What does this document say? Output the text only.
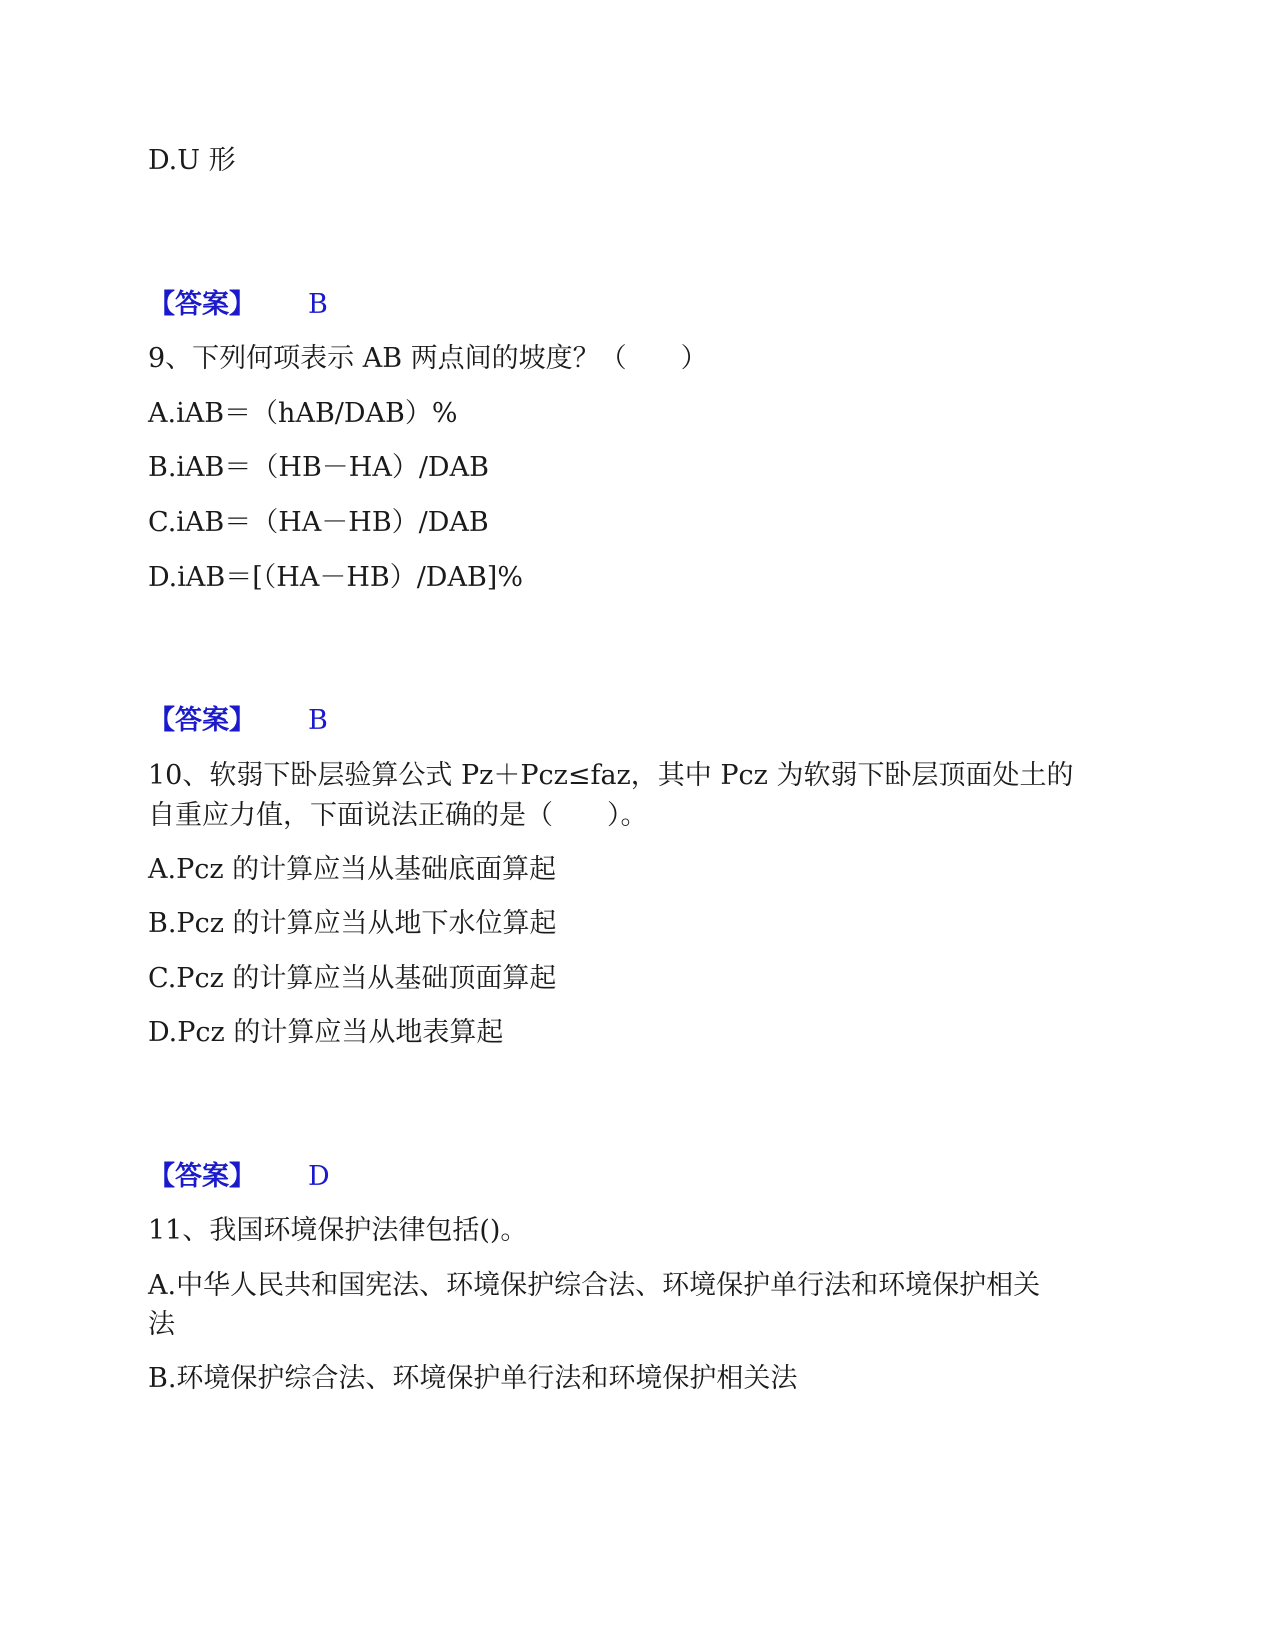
D.U 形
【答案】 B
9、下列何项表示 AB 两点间的坡度？（　　）
A.iAB＝（hAB/DAB）%
B.iAB＝（HB－HA）/DAB
C.iAB＝（HA－HB）/DAB
D.iAB＝[（HA－HB）/DAB]%
【答案】 B
10、软弱下卧层验算公式 Pz＋Pcz≤faz，其中 Pcz 为软弱下卧层顶面处土的
自重应力值，下面说法正确的是（　　）。
A.Pcz 的计算应当从基础底面算起
B.Pcz 的计算应当从地下水位算起
C.Pcz 的计算应当从基础顶面算起
D.Pcz 的计算应当从地表算起
【答案】 D
11、我国环境保护法律包括()。
A.中华人民共和国宪法、环境保护综合法、环境保护单行法和环境保护相关
法
B.环境保护综合法、环境保护单行法和环境保护相关法
